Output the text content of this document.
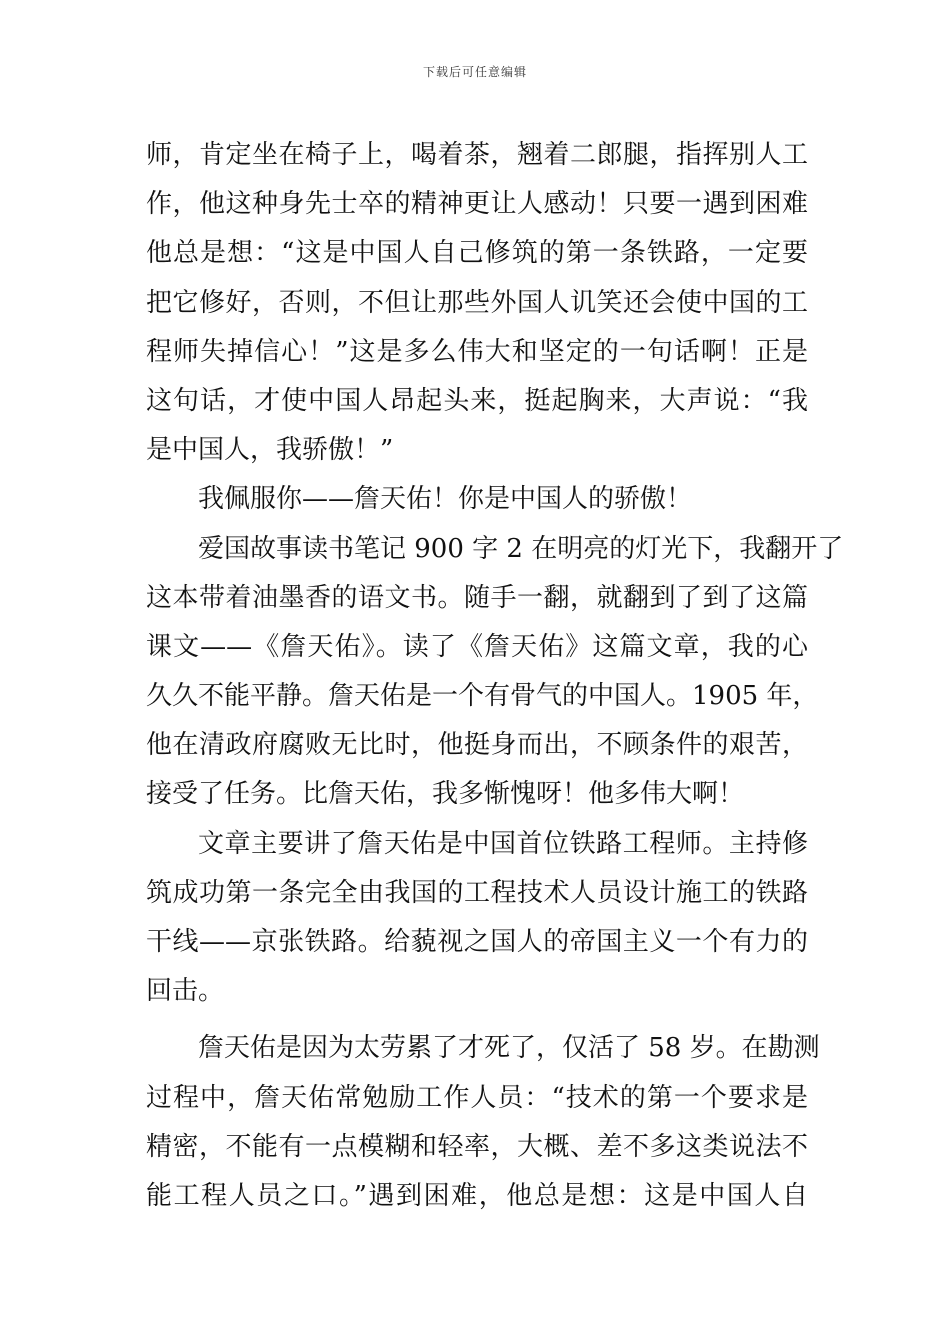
下载后可任意编辑
师，肯定坐在椅子上，喝着茶，翘着二郎腿，指挥别人工
作，他这种身先士卒的精神更让人感动！只要一遇到困难
他总是想：“这是中国人自己修筑的第一条铁路，一定要
把它修好，否则，不但让那些外国人讥笑还会使中国的工
程师失掉信心！”这是多么伟大和坚定的一句话啊！正是
这句话，才使中国人昂起头来，挺起胸来，大声说：“我
是中国人，我骄傲！”
我佩服你——詹天佑！你是中国人的骄傲！
爱国故事读书笔记 900 字 2 在明亮的灯光下，我翻开了
这本带着油墨香的语文书。随手一翻，就翻到了到了这篇
课文——《詹天佑》。读了《詹天佑》这篇文章，我的心
久久不能平静。詹天佑是一个有骨气的中国人。1905 年，
他在清政府腐败无比时，他挺身而出，不顾条件的艰苦，
接受了任务。比詹天佑，我多惭愧呀！他多伟大啊！
文章主要讲了詹天佑是中国首位铁路工程师。主持修
筑成功第一条完全由我国的工程技术人员设计施工的铁路
干线——京张铁路。给藐视之国人的帝国主义一个有力的
回击。
詹天佑是因为太劳累了才死了，仅活了 58 岁。在勘测
过程中，詹天佑常勉励工作人员：“技术的第一个要求是
精密，不能有一点模糊和轻率，大概、差不多这类说法不
能工程人员之口。”遇到困难，他总是想：这是中国人自
